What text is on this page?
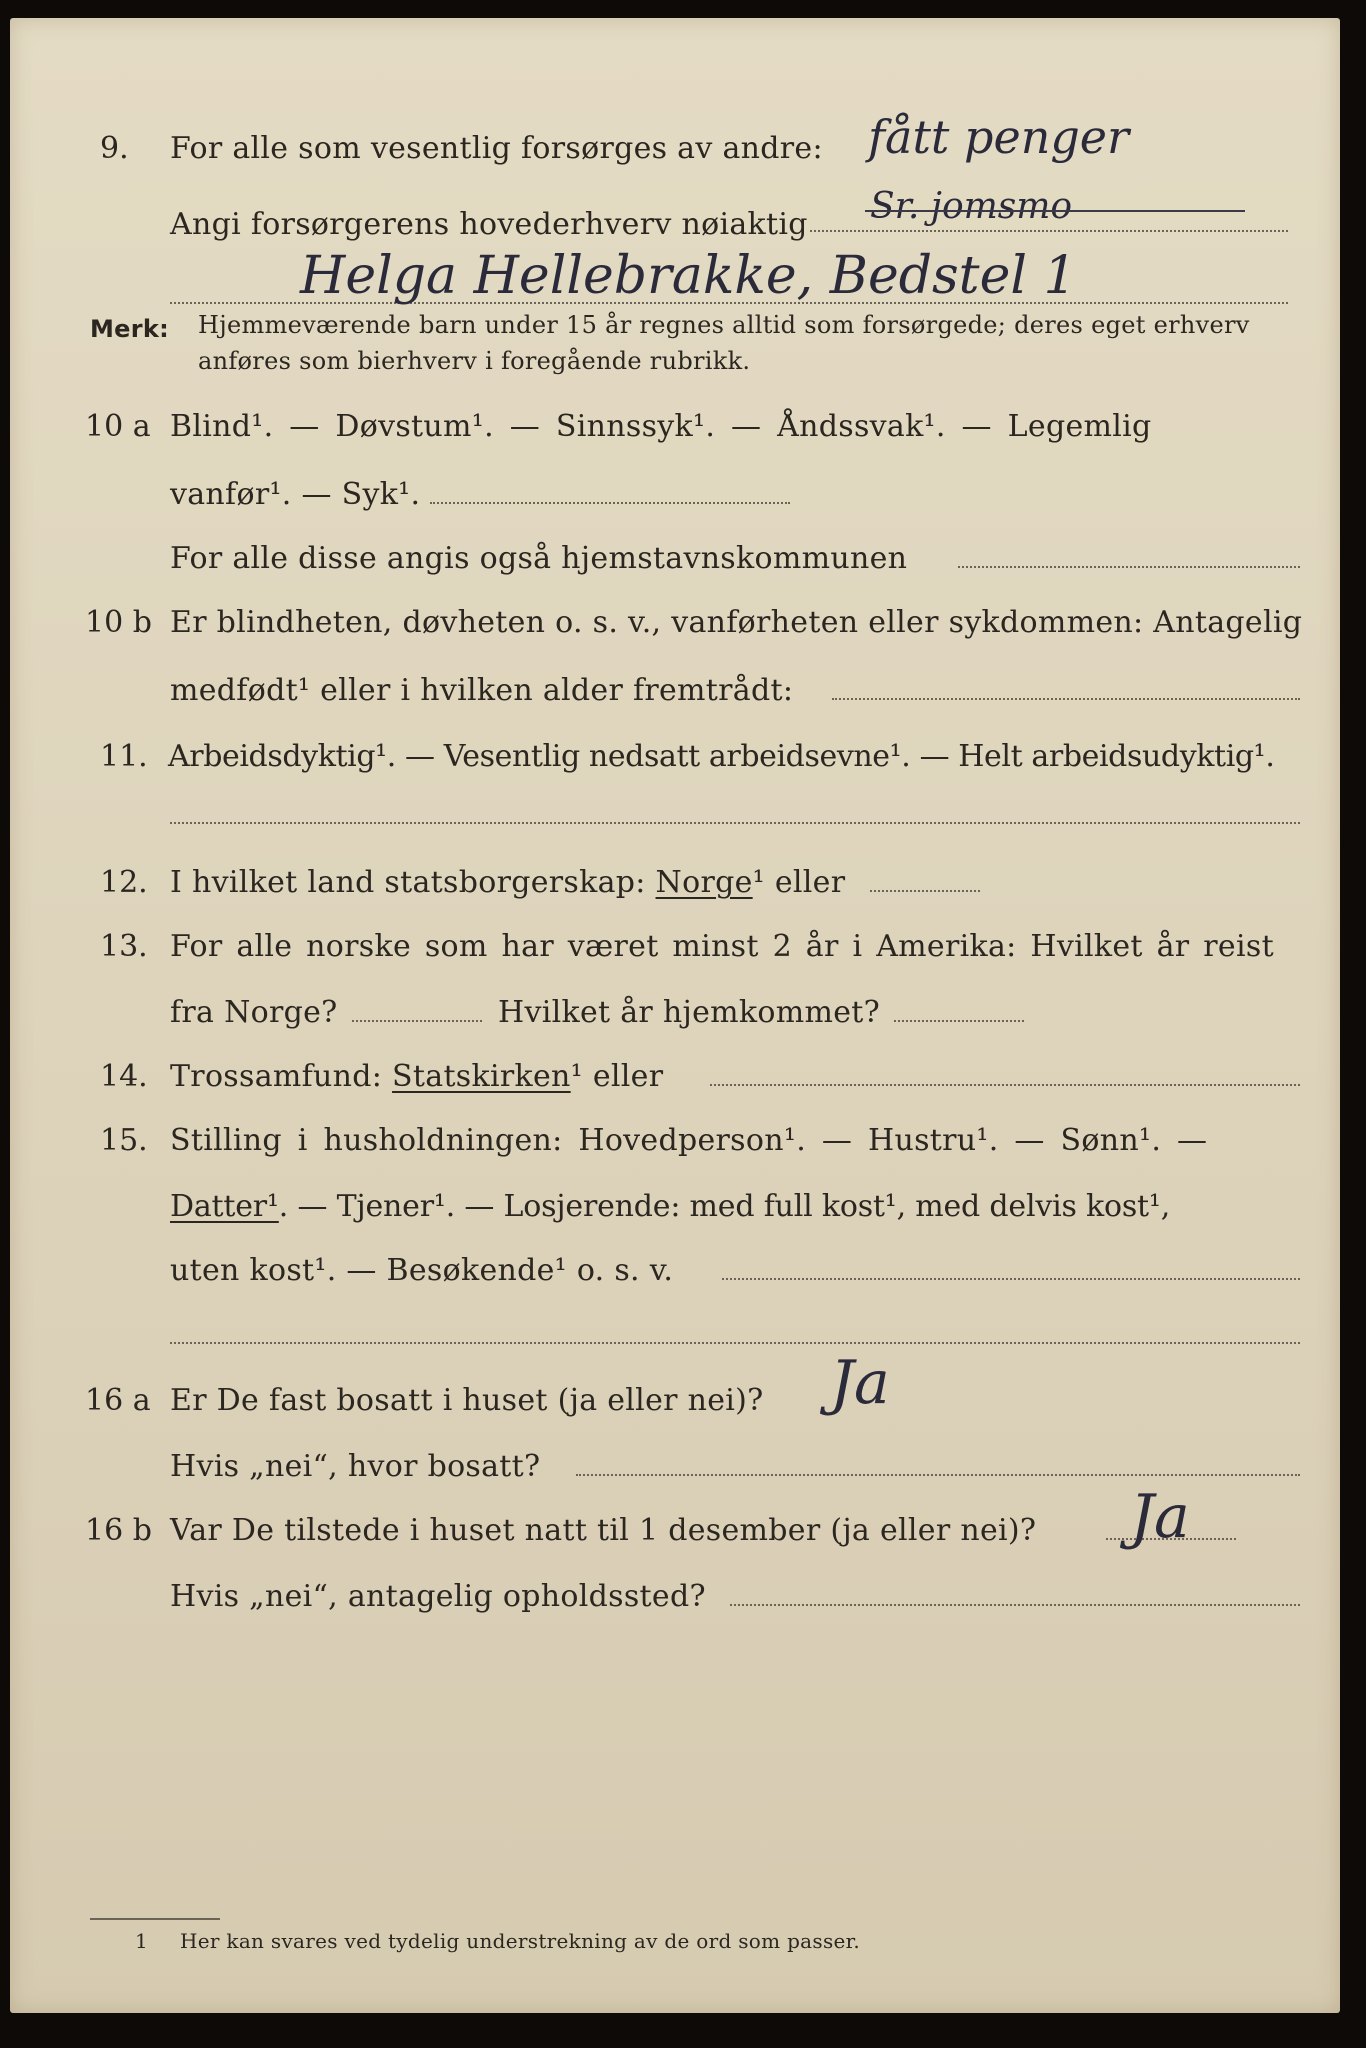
9. For alle som vesentlig forsørges av andre: fått penger
Angi forsørgerens hovederhverv nøiaktig Sr. jomsmo
Helga Hellebrakke, Bedstel 1
Merk: Hjemmeværende barn under 15 år regnes alltid som forsørgede; deres eget erhverv
anføres som bierhverv i foregående rubrikk.
10 a Blind¹. — Døvstum¹. — Sinnssyk¹. — Åndssvak¹. — Legemlig
vanfør¹. — Syk¹.
For alle disse angis også hjemstavnskommunen
10 b Er blindheten, døvheten o. s. v., vanførheten eller sykdommen: Antagelig
medfødt¹ eller i hvilken alder fremtrådt:
11. Arbeidsdyktig¹. — Vesentlig nedsatt arbeidsevne¹. — Helt arbeidsudyktig¹.
12. I hvilket land statsborgerskap: Norge¹ eller
13. For alle norske som har været minst 2 år i Amerika: Hvilket år reist
fra Norge?	Hvilket år hjemkommet?
14. Trossamfund: Statskirken¹ eller
15. Stilling i husholdningen: Hovedperson¹. — Hustru¹. — Sønn¹. —
Datter¹. — Tjener¹. — Losjerende: med full kost¹, med delvis kost¹,
uten kost¹. — Besøkende¹ o. s. v.
16 a Er De fast bosatt i huset (ja eller nei)? Ja
Hvis „nei“, hvor bosatt?
16 b Var De tilstede i huset natt til 1 desember (ja eller nei)? Ja
Hvis „nei“, antagelig opholdssted?
1 Her kan svares ved tydelig understrekning av de ord som passer.
